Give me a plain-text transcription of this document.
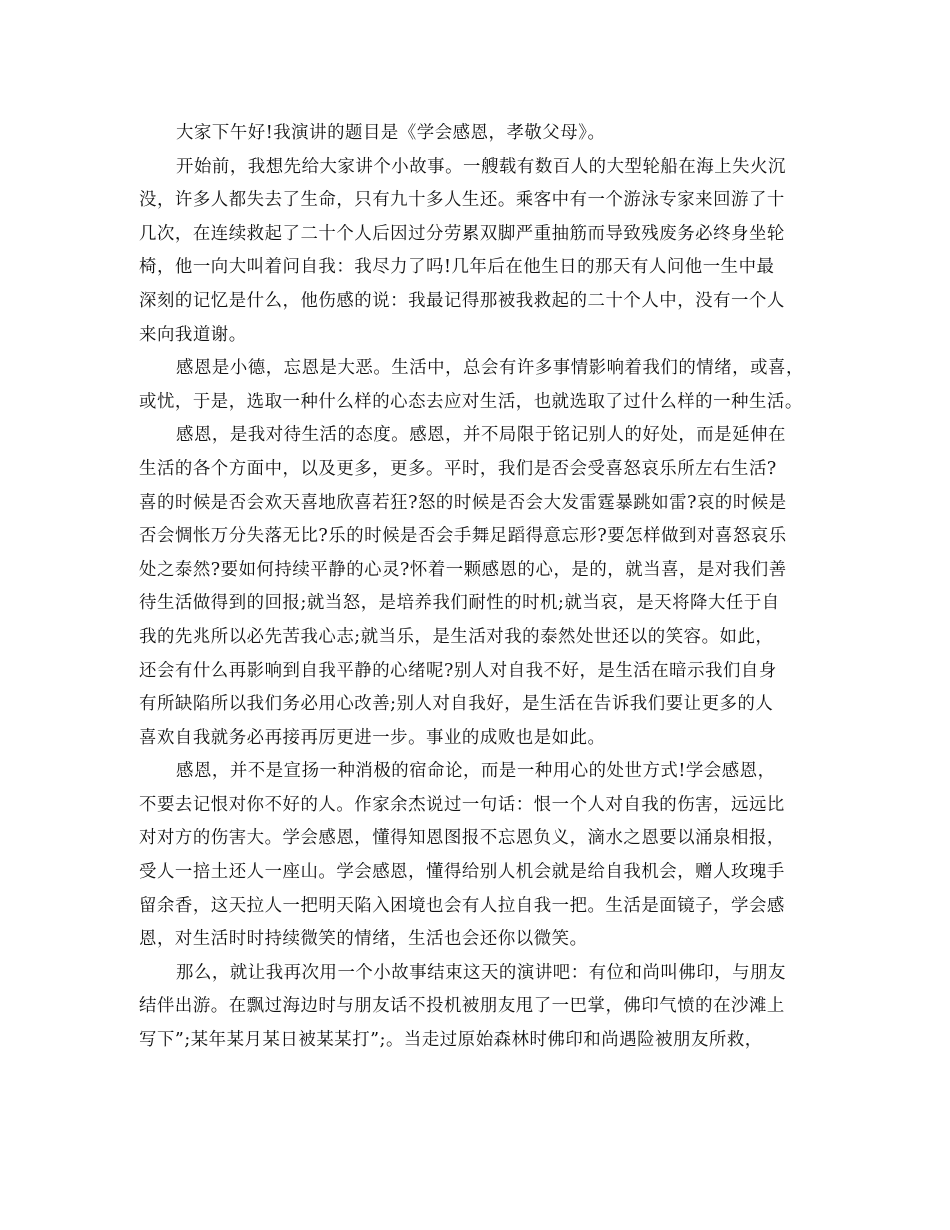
大家下午好!我演讲的题目是《学会感恩，孝敬父母》。
开始前，我想先给大家讲个小故事。一艘载有数百人的大型轮船在海上失火沉
没，许多人都失去了生命，只有九十多人生还。乘客中有一个游泳专家来回游了十
几次，在连续救起了二十个人后因过分劳累双脚严重抽筋而导致残废务必终身坐轮
椅，他一向大叫着问自我：我尽力了吗!几年后在他生日的那天有人问他一生中最
深刻的记忆是什么，他伤感的说：我最记得那被我救起的二十个人中，没有一个人
来向我道谢。
感恩是小德，忘恩是大恶。生活中，总会有许多事情影响着我们的情绪，或喜，
或忧，于是，选取一种什么样的心态去应对生活，也就选取了过什么样的一种生活。
感恩，是我对待生活的态度。感恩，并不局限于铭记别人的好处，而是延伸在
生活的各个方面中，以及更多，更多。平时，我们是否会受喜怒哀乐所左右生活?
喜的时候是否会欢天喜地欣喜若狂?怒的时候是否会大发雷霆暴跳如雷?哀的时候是
否会惆怅万分失落无比?乐的时候是否会手舞足蹈得意忘形?要怎样做到对喜怒哀乐
处之泰然?要如何持续平静的心灵?怀着一颗感恩的心，是的，就当喜，是对我们善
待生活做得到的回报;就当怒，是培养我们耐性的时机;就当哀，是天将降大任于自
我的先兆所以必先苦我心志;就当乐，是生活对我的泰然处世还以的笑容。如此，
还会有什么再影响到自我平静的心绪呢?别人对自我不好，是生活在暗示我们自身
有所缺陷所以我们务必用心改善;别人对自我好，是生活在告诉我们要让更多的人
喜欢自我就务必再接再厉更进一步。事业的成败也是如此。
感恩，并不是宣扬一种消极的宿命论，而是一种用心的处世方式!学会感恩，
不要去记恨对你不好的人。作家余杰说过一句话：恨一个人对自我的伤害，远远比
对对方的伤害大。学会感恩，懂得知恩图报不忘恩负义，滴水之恩要以涌泉相报，
受人一掊土还人一座山。学会感恩，懂得给别人机会就是给自我机会，赠人玫瑰手
留余香，这天拉人一把明天陷入困境也会有人拉自我一把。生活是面镜子，学会感
恩，对生活时时持续微笑的情绪，生活也会还你以微笑。
那么，就让我再次用一个小故事结束这天的演讲吧：有位和尚叫佛印，与朋友
结伴出游。在飘过海边时与朋友话不投机被朋友甩了一巴掌，佛印气愤的在沙滩上
写下”;某年某月某日被某某打”;。当走过原始森林时佛印和尚遇险被朋友所救，
